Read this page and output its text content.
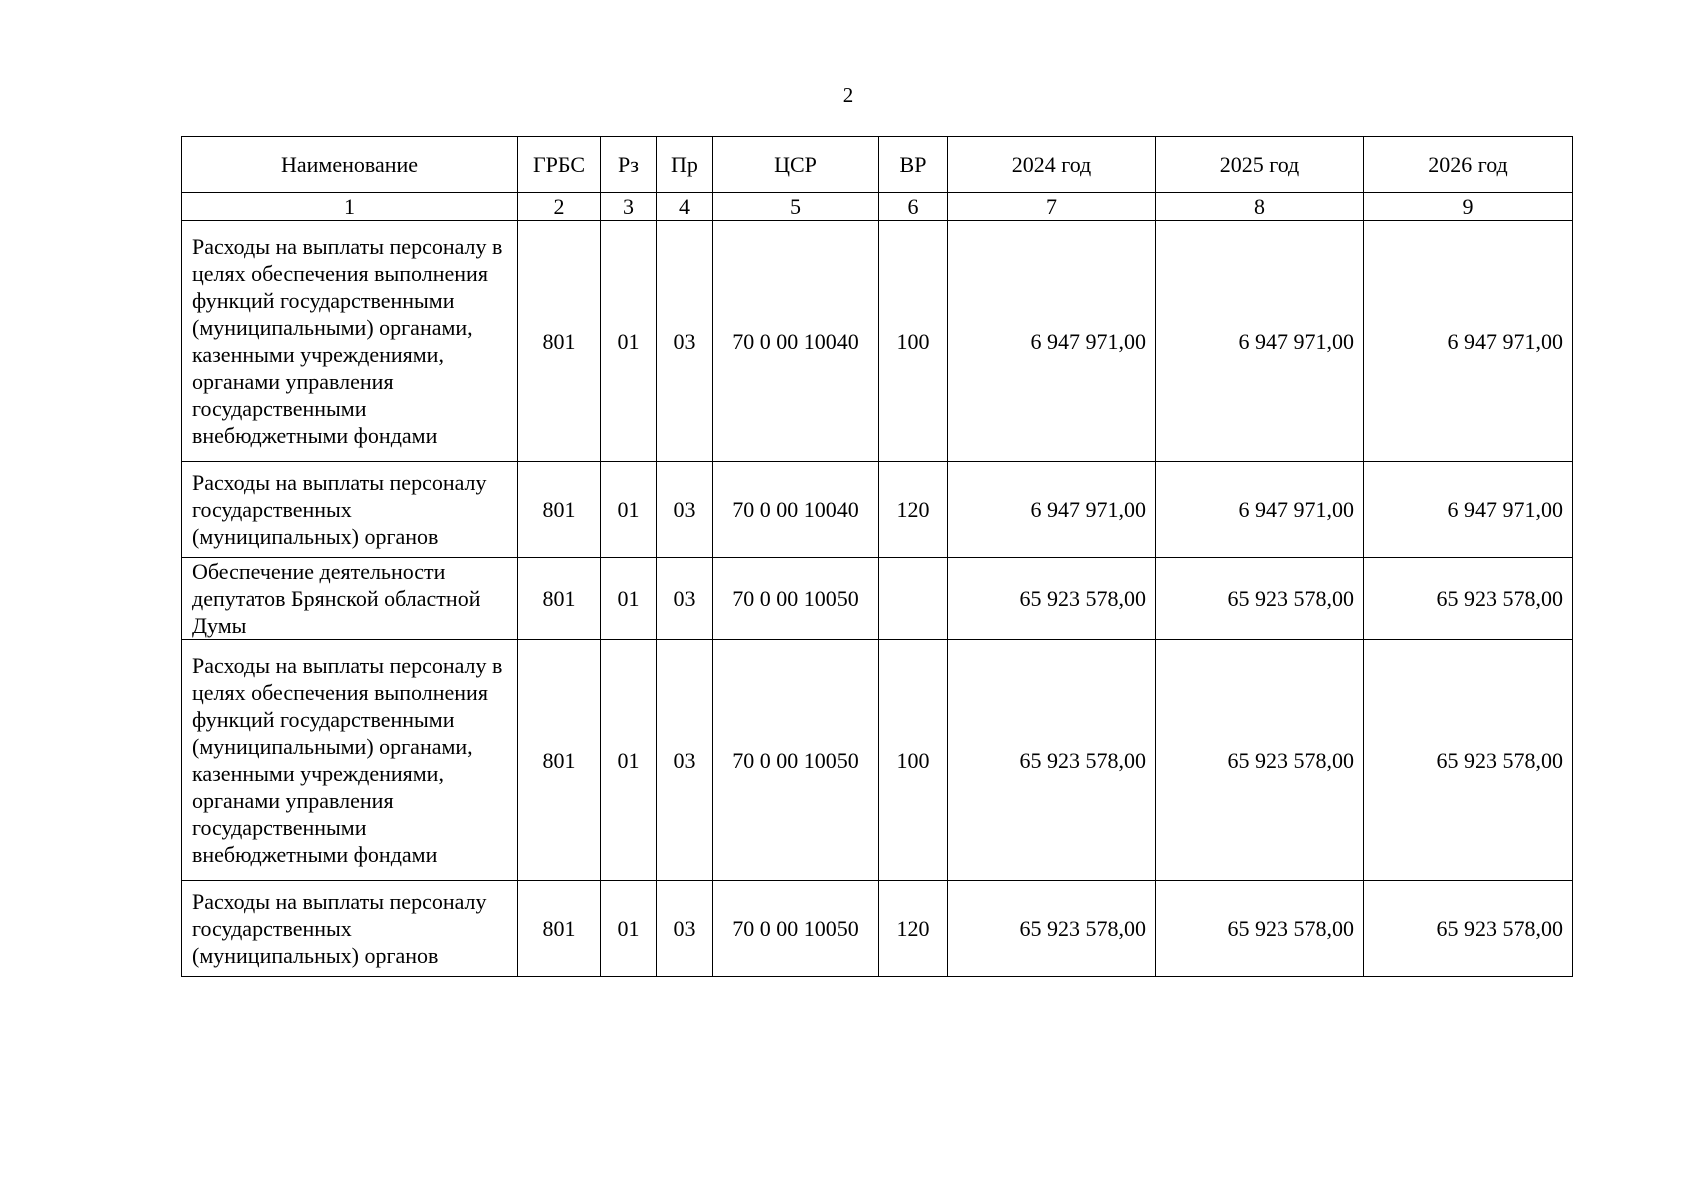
2
Наименование	ГРБС	Рз	Пр	ЦСР	ВР	2024 год	2025 год	2026 год
1	2	3	4	5	6	7	8	9
Расходы на выплаты персоналу в целях обеспечения выполнения функций государственными (муниципальными) органами, казенными учреждениями, органами управления государственными внебюджетными фондами	801	01	03	70 0 00 10040	100	6 947 971,00	6 947 971,00	6 947 971,00
Расходы на выплаты персоналу государственных (муниципальных) органов	801	01	03	70 0 00 10040	120	6 947 971,00	6 947 971,00	6 947 971,00
Обеспечение деятельности депутатов Брянской областной Думы	801	01	03	70 0 00 10050		65 923 578,00	65 923 578,00	65 923 578,00
Расходы на выплаты персоналу в целях обеспечения выполнения функций государственными (муниципальными) органами, казенными учреждениями, органами управления государственными внебюджетными фондами	801	01	03	70 0 00 10050	100	65 923 578,00	65 923 578,00	65 923 578,00
Расходы на выплаты персоналу государственных (муниципальных) органов	801	01	03	70 0 00 10050	120	65 923 578,00	65 923 578,00	65 923 578,00
